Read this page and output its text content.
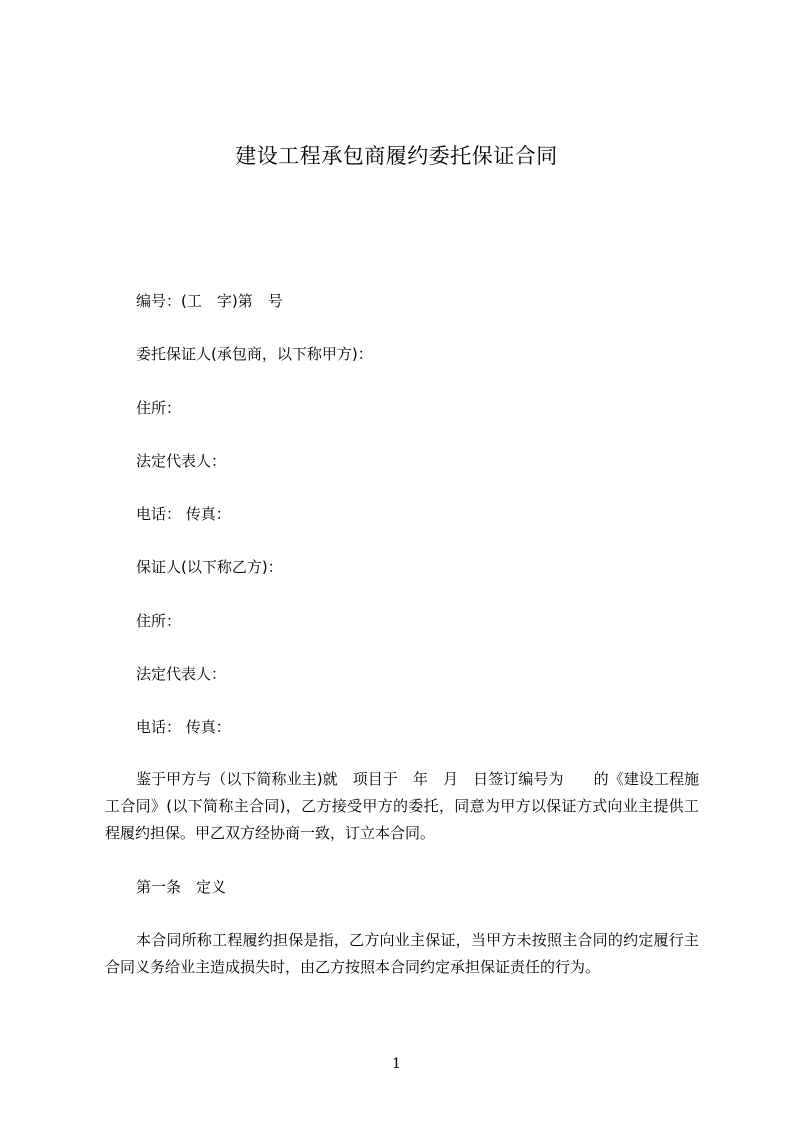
建设工程承包商履约委托保证合同
编号：(工　字)第　号
委托保证人(承包商，以下称甲方)：
住所：
法定代表人：
电话： 传真：
保证人(以下称乙方)：
住所：
法定代表人：
电话： 传真：
鉴于甲方与（以下简称业主)就　项目于　年　月　日签订编号为　　的《建设工程施工合同》(以下简称主合同)，乙方接受甲方的委托，同意为甲方以保证方式向业主提供工程履约担保。甲乙双方经协商一致，订立本合同。
第一条　定义
本合同所称工程履约担保是指，乙方向业主保证，当甲方未按照主合同的约定履行主合同义务给业主造成损失时，由乙方按照本合同约定承担保证责任的行为。
1
